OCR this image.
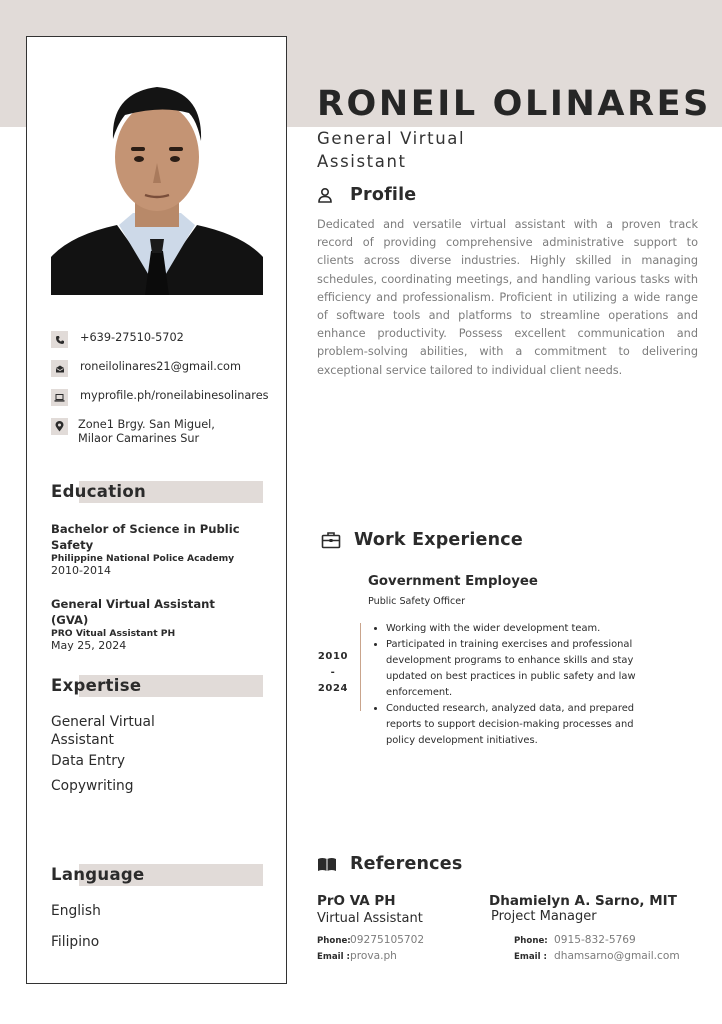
+639-27510-5702
roneilolinares21@gmail.com
myprofile.ph/roneilabinesolinares
Zone1 Brgy. San Miguel,
Milaor Camarines Sur
Education
Bachelor of Science in Public Safety
Philippine National Police Academy
2010-2014
General Virtual Assistant (GVA)
PRO Vitual Assistant PH
May 25, 2024
Expertise
General Virtual Assistant
Data Entry
Copywriting
Language
English
Filipino
RONEIL OLINARES
General Virtual Assistant
Profile
Dedicated and versatile virtual assistant with a proven track record of providing comprehensive administrative support to clients across diverse industries. Highly skilled in managing schedules, coordinating meetings, and handling various tasks with efficiency and professionalism. Proficient in utilizing a wide range of software tools and platforms to streamline operations and enhance productivity. Possess excellent communication and problem-solving abilities, with a commitment to delivering exceptional service tailored to individual client needs.
Work Experience
Government Employee
Public Safety Officer
2010
-
2024
• Working with the wider development team.
• Participated in training exercises and professional development programs to enhance skills and stay updated on best practices in public safety and law enforcement.
• Conducted research, analyzed data, and prepared reports to support decision-making processes and policy development initiatives.
References
PrO VA PH
Virtual Assistant
Phone:09275105702
Email :prova.ph
Dhamielyn A. Sarno, MIT
Project Manager
Phone: 0915-832-5769
Email : dhamsarno@gmail.com
